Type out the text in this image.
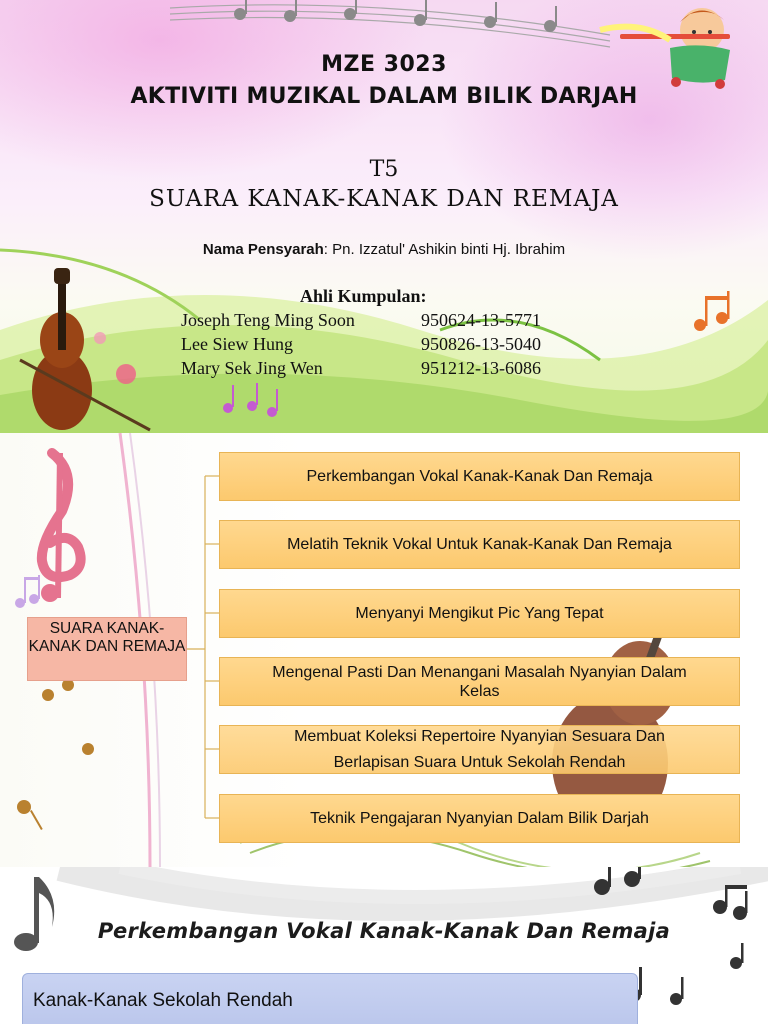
MZE 3023
AKTIVITI MUZIKAL DALAM BILIK DARJAH
T5
SUARA KANAK-KANAK DAN REMAJA
Nama Pensyarah: Pn. Izzatul' Ashikin binti Hj. Ibrahim
Ahli Kumpulan:
Joseph Teng Ming Soon	950624-13-5771
Lee Siew Hung	950826-13-5040
Mary Sek Jing Wen	951212-13-6086
SUARA KANAK-KANAK DAN REMAJA
Perkembangan Vokal Kanak-Kanak Dan Remaja
Melatih Teknik Vokal Untuk Kanak-Kanak Dan Remaja
Menyanyi Mengikut Pic Yang Tepat
Mengenal Pasti Dan Menangani Masalah Nyanyian Dalam
Kelas
Membuat Koleksi Repertoire Nyanyian Sesuara Dan
Berlapisan Suara Untuk Sekolah Rendah
Teknik Pengajaran Nyanyian Dalam Bilik Darjah
Perkembangan Vokal Kanak-Kanak Dan Remaja
Kanak-Kanak Sekolah Rendah
